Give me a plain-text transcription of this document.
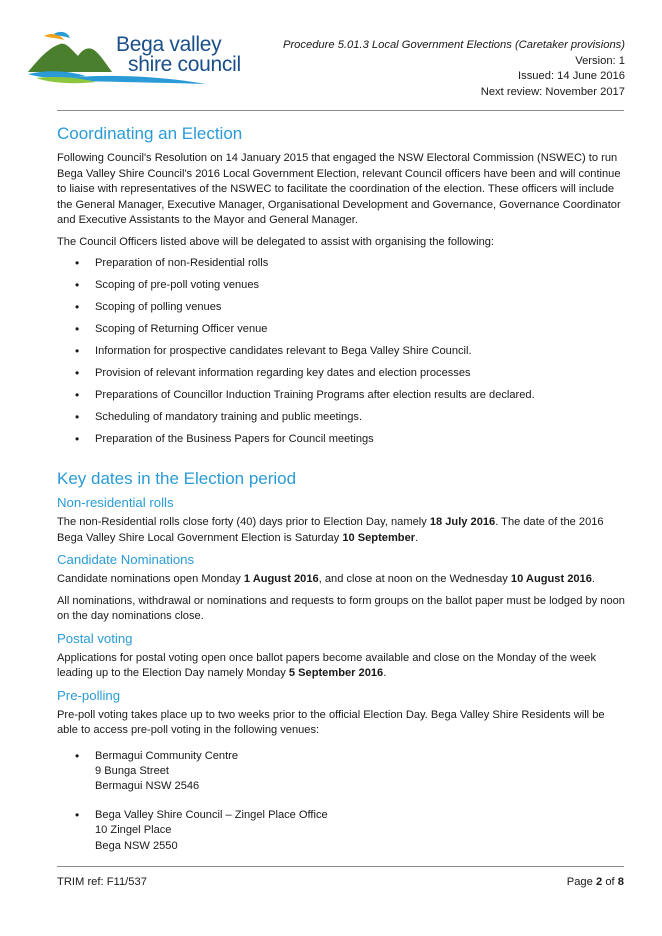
Bega valley
shire council
Procedure 5.01.3 Local Government Elections (Caretaker provisions)
Version: 1
Issued: 14 June 2016
Next review: November 2017
Coordinating an Election

Following Council's Resolution on 14 January 2015 that engaged the NSW Electoral Commission (NSWEC) to run Bega Valley Shire Council's 2016 Local Government Election, relevant Council officers have been and will continue to liaise with representatives of the NSWEC to facilitate the coordination of the election. These officers will include the General Manager, Executive Manager, Organisational Development and Governance, Governance Coordinator and Executive Assistants to the Mayor and General Manager.

The Council Officers listed above will be delegated to assist with organising the following:

• Preparation of non-Residential rolls
• Scoping of pre-poll voting venues
• Scoping of polling venues
• Scoping of Returning Officer venue
• Information for prospective candidates relevant to Bega Valley Shire Council.
• Provision of relevant information regarding key dates and election processes
• Preparations of Councillor Induction Training Programs after election results are declared.
• Scheduling of mandatory training and public meetings.
• Preparation of the Business Papers for Council meetings
Key dates in the Election period
Non-residential rolls

The non-Residential rolls close forty (40) days prior to Election Day, namely 18 July 2016. The date of the 2016 Bega Valley Shire Local Government Election is Saturday 10 September.

Candidate Nominations

Candidate nominations open Monday 1 August 2016, and close at noon on the Wednesday 10 August 2016.

All nominations, withdrawal or nominations and requests to form groups on the ballot paper must be lodged by noon on the day nominations close.

Postal voting

Applications for postal voting open once ballot papers become available and close on the Monday of the week leading up to the Election Day namely Monday 5 September 2016.

Pre-polling

Pre-poll voting takes place up to two weeks prior to the official Election Day. Bega Valley Shire Residents will be able to access pre-poll voting in the following venues:

• Bermagui Community Centre
9 Bunga Street
Bermagui NSW 2546
• Bega Valley Shire Council – Zingel Place Office
10 Zingel Place
Bega NSW 2550
TRIM ref: F11/537	Page 2 of 8
